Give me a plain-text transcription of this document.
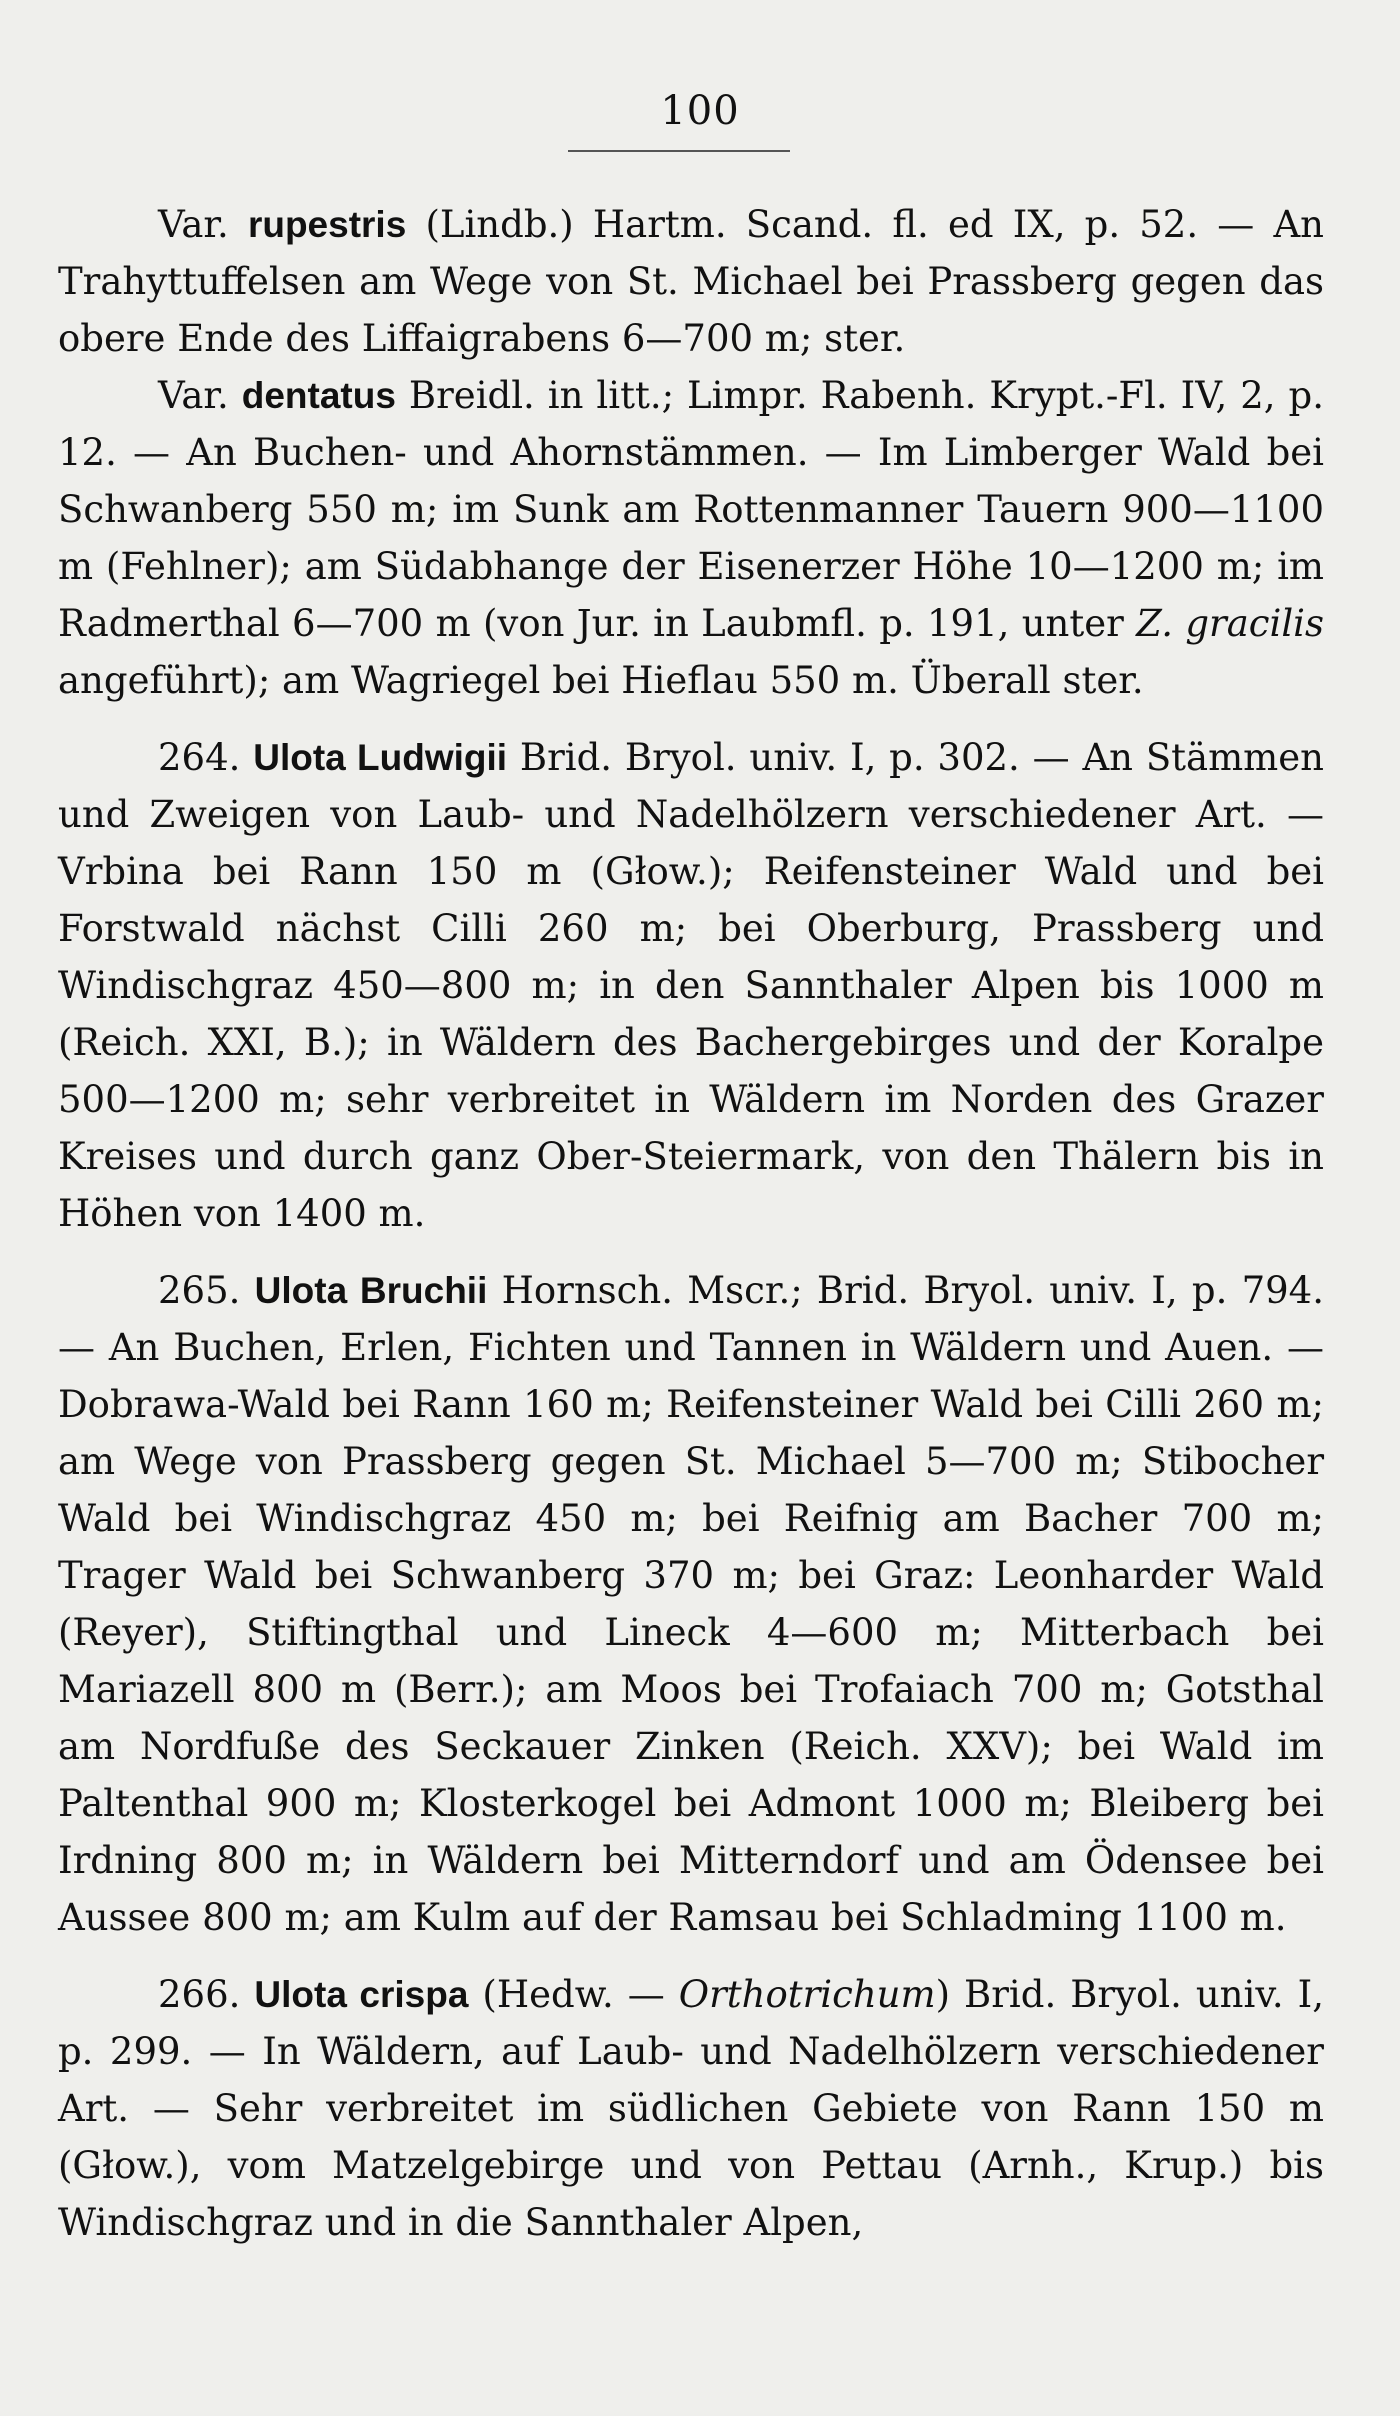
100

Var. rupestris (Lindb.) Hartm. Scand. fl. ed IX, p. 52. — An Trahyttuffelsen am Wege von St. Michael bei Prassberg gegen das obere Ende des Liffaigrabens 6—700 m; ster.

Var. dentatus Breidl. in litt.; Limpr. Rabenh. Krypt.-Fl. IV, 2, p. 12. — An Buchen- und Ahornstämmen. — Im Limberger Wald bei Schwanberg 550 m; im Sunk am Rottenmanner Tauern 900—1100 m (Fehlner); am Südabhange der Eisenerzer Höhe 10—1200 m; im Radmerthal 6—700 m (von Jur. in Laubmfl. p. 191, unter Z. gracilis angeführt); am Wagriegel bei Hieflau 550 m. Überall ster.

264. Ulota Ludwigii Brid. Bryol. univ. I, p. 302. — An Stämmen und Zweigen von Laub- und Nadelhölzern verschiedener Art. — Vrbina bei Rann 150 m (Głow.); Reifensteiner Wald und bei Forstwald nächst Cilli 260 m; bei Oberburg, Prassberg und Windischgraz 450—800 m; in den Sannthaler Alpen bis 1000 m (Reich. XXI, B.); in Wäldern des Bachergebirges und der Koralpe 500—1200 m; sehr verbreitet in Wäldern im Norden des Grazer Kreises und durch ganz Ober-Steiermark, von den Thälern bis in Höhen von 1400 m.

265. Ulota Bruchii Hornsch. Mscr.; Brid. Bryol. univ. I, p. 794. — An Buchen, Erlen, Fichten und Tannen in Wäldern und Auen. — Dobrawa-Wald bei Rann 160 m; Reifensteiner Wald bei Cilli 260 m; am Wege von Prassberg gegen St. Michael 5—700 m; Stibocher Wald bei Windischgraz 450 m; bei Reifnig am Bacher 700 m; Trager Wald bei Schwanberg 370 m; bei Graz: Leonharder Wald (Reyer), Stiftingthal und Lineck 4—600 m; Mitterbach bei Mariazell 800 m (Berr.); am Moos bei Trofaiach 700 m; Gotsthal am Nordfuße des Seckauer Zinken (Reich. XXV); bei Wald im Paltenthal 900 m; Klosterkogel bei Admont 1000 m; Bleiberg bei Irdning 800 m; in Wäldern bei Mitterndorf und am Ödensee bei Aussee 800 m; am Kulm auf der Ramsau bei Schladming 1100 m.

266. Ulota crispa (Hedw. — Orthotrichum) Brid. Bryol. univ. I, p. 299. — In Wäldern, auf Laub- und Nadelhölzern verschiedener Art. — Sehr verbreitet im südlichen Gebiete von Rann 150 m (Głow.), vom Matzelgebirge und von Pettau (Arnh., Krup.) bis Windischgraz und in die Sannthaler Alpen,
